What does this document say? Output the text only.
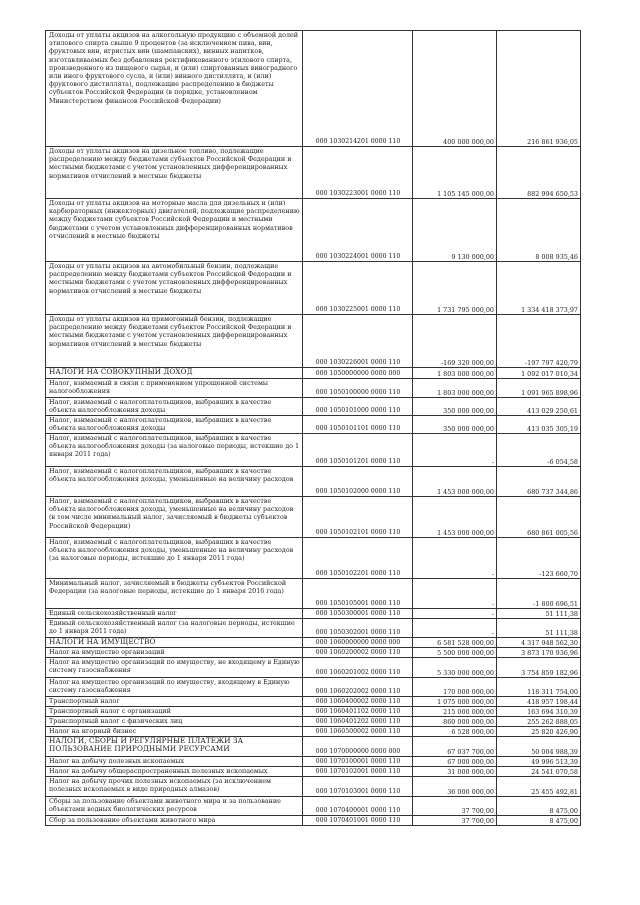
Доходы от уплаты акцизов на алкогольную продукцию с объемной долей этилового спирта свыше 9 процентов (за исключением пива, вин, фруктовых вин, игристых вин (шампанских), винных напитков, изготавливаемых без добавления ректификованного этилового спирта, произведенного из пищевого сырья, и (или) спиртованных виноградного или иного фруктового сусла, и (или) винного дистиллята, и (или) фруктового дистиллята), подлежащие распределению в бюджеты субъектов Российской Федерации (в порядке, установленном Министерством финансов Российской Федерации)	000 1030214201 0000 110	400 000 000,00	216 861 936,05
Доходы от уплаты акцизов на дизельное топливо, подлежащие распределению между бюджетами субъектов Российской Федерации и местными бюджетами с учетом установленных дифференцированных нормативов отчислений в местные бюджеты	000 1030223001 0000 110	1 105 145 000,00	882 994 650,53
Доходы от уплаты акцизов на моторные масла для дизельных и (или) карбюраторных (инжекторных) двигателей, подлежащие распределению между бюджетами субъектов Российской Федерации и местными бюджетами с учетом установленных дифференцированных нормативов отчислений в местные бюджеты	000 1030224001 0000 110	9 130 000,00	8 008 935,46
Доходы от уплаты акцизов на автомобильный бензин, подлежащие распределению между бюджетами субъектов Российской Федерации и местными бюджетами с учетом установленных дифференцированных нормативов отчислений в местные бюджеты	000 1030225001 0000 110	1 731 795 000,00	1 334 418 373,97
Доходы от уплаты акцизов на прямогонный бензин, подлежащие распределению между бюджетами субъектов Российской Федерации и местными бюджетами с учетом установленных дифференцированных нормативов отчислений в местные бюджеты	000 1030226001 0000 110	-169 320 000,00	-197 797 420,79
НАЛОГИ НА СОВОКУПНЫЙ ДОХОД	000 1050000000 0000 000	1 803 000 000,00	1 092 017 010,34
Налог, взимаемый в связи с применением упрощенной системы налогообложения	000 1050100000 0000 110	1 803 000 000,00	1 091 965 898,96
Налог, взимаемый с налогоплательщиков, выбравших в качестве объекта налогообложения доходы	000 1050101000 0000 110	350 000 000,00	413 029 250,61
Налог, взимаемый с налогоплательщиков, выбравших в качестве объекта налогообложения доходы	000 1050101101 0000 110	350 000 000,00	413 035 305,19
Налог, взимаемый с налогоплательщиков, выбравших в качестве объекта налогообложения доходы (за налоговые периоды, истекшие до 1 января 2011 года)	000 1050101201 0000 110	-	-6 054,58
Налог, взимаемый с налогоплательщиков, выбравших в качестве объекта налогообложения доходы, уменьшенные на величину расходов	000 1050102000 0000 110	1 453 000 000,00	680 737 344,86
Налог, взимаемый с налогоплательщиков, выбравших в качестве объекта налогообложения доходы, уменьшенные на величину расходов (в том числе минимальный налог, зачисляемый в бюджеты субъектов Российской Федерации)	000 1050102101 0000 110	1 453 000 000,00	680 861 005,56
Налог, взимаемый с налогоплательщиков, выбравших в качестве объекта налогообложения доходы, уменьшенные на величину расходов (за налоговые периоды, истекшие до 1 января 2011 года)	000 1050102201 0000 110	-	-123 660,70
Минимальный налог, зачисляемый в бюджеты субъектов Российской Федерации (за налоговые периоды, истекшие до 1 января 2016 года)	000 1050105001 0000 110	-	-1 800 696,51
Единый сельскохозяйственный налог	000 1050300001 0000 110	-	51 111,38
Единый сельскохозяйственный налог (за налоговые периоды, истекшие до 1 января 2011 года)	000 1050302001 0000 110	-	51 111,38
НАЛОГИ НА ИМУЩЕСТВО	000 1060000000 0000 000	6 581 528 000,00	4 317 948 562,30
Налог на имущество организаций	000 1060200002 0000 110	5 500 000 000,00	3 873 170 936,96
Налог на имущество организаций по имуществу, не входящему в Единую систему газоснабжения	000 1060201002 0000 110	5 330 000 000,00	3 754 859 182,96
Налог на имущество организаций по имуществу, входящему в Единую систему газоснабжения	000 1060202002 0000 110	170 000 000,00	118 311 754,00
Транспортный налог	000 1060400002 0000 110	1 075 000 000,00	418 957 198,44
Транспортный налог с организаций	000 1060401102 0000 110	215 000 000,00	163 694 310,39
Транспортный налог с физических лиц	000 1060401202 0000 110	860 000 000,00	255 262 888,05
Налог на игорный бизнес	000 1060500002 0000 110	6 528 000,00	25 820 426,90
НАЛОГИ, СБОРЫ И РЕГУЛЯРНЫЕ ПЛАТЕЖИ ЗА ПОЛЬЗОВАНИЕ ПРИРОДНЫМИ РЕСУРСАМИ	000 1070000000 0000 000	67 037 700,00	50 004 988,39
Налог на добычу полезных ископаемых	000 1070100001 0000 110	67 000 000,00	49 996 513,39
Налог на добычу общераспространенных полезных ископаемых	000 1070102001 0000 110	31 000 000,00	24 541 070,58
Налог на добычу прочих полезных ископаемых (за исключением полезных ископаемых в виде природных алмазов)	000 1070103001 0000 110	36 000 000,00	25 455 492,81
Сборы за пользование объектами животного мира и за пользование объектами водных биологических ресурсов	000 1070400001 0000 110	37 700,00	8 475,00
Сбор за пользование объектами животного мира	000 1070401001 0000 110	37 700,00	8 475,00
